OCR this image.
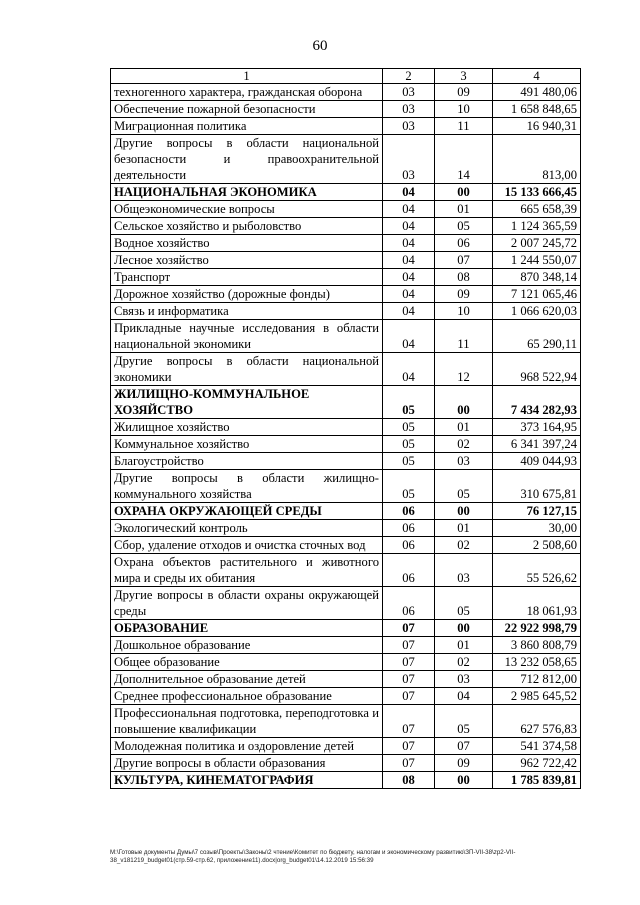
60
1	2	3	4
техногенного характера, гражданская оборона	03	09	491 480,06
Обеспечение пожарной безопасности	03	10	1 658 848,65
Миграционная политика	03	11	16 940,31
Другие вопросы в области национальной безопасности и правоохранительной деятельности	03	14	813,00
НАЦИОНАЛЬНАЯ ЭКОНОМИКА	04	00	15 133 666,45
Общеэкономические вопросы	04	01	665 658,39
Сельское хозяйство и рыболовство	04	05	1 124 365,59
Водное хозяйство	04	06	2 007 245,72
Лесное хозяйство	04	07	1 244 550,07
Транспорт	04	08	870 348,14
Дорожное хозяйство (дорожные фонды)	04	09	7 121 065,46
Связь и информатика	04	10	1 066 620,03
Прикладные научные исследования в области национальной экономики	04	11	65 290,11
Другие вопросы в области национальной экономики	04	12	968 522,94
ЖИЛИЩНО-КОММУНАЛЬНОЕ ХОЗЯЙСТВО	05	00	7 434 282,93
Жилищное хозяйство	05	01	373 164,95
Коммунальное хозяйство	05	02	6 341 397,24
Благоустройство	05	03	409 044,93
Другие вопросы в области жилищно-коммунального хозяйства	05	05	310 675,81
ОХРАНА ОКРУЖАЮЩЕЙ СРЕДЫ	06	00	76 127,15
Экологический контроль	06	01	30,00
Сбор, удаление отходов и очистка сточных вод	06	02	2 508,60
Охрана объектов растительного и животного мира и среды их обитания	06	03	55 526,62
Другие вопросы в области охраны окружающей среды	06	05	18 061,93
ОБРАЗОВАНИЕ	07	00	22 922 998,79
Дошкольное образование	07	01	3 860 808,79
Общее образование	07	02	13 232 058,65
Дополнительное образование детей	07	03	712 812,00
Среднее профессиональное образование	07	04	2 985 645,52
Профессиональная подготовка, переподготовка и повышение квалификации	07	05	627 576,83
Молодежная политика и оздоровление детей	07	07	541 374,58
Другие вопросы в области образования	07	09	962 722,42
КУЛЬТУРА, КИНЕМАТОГРАФИЯ	08	00	1 785 839,81
M:\Готовые документы Думы\7 созыв\Проекты\Законы\2 чтение\Комитет по бюджету, налогам и экономическому развитию\ЗП-VII-38\zp2-VII-38_v181219_budget01(стр.59-стр.62, приложение11).docx|org_budget01\14.12.2019 15:56:39
